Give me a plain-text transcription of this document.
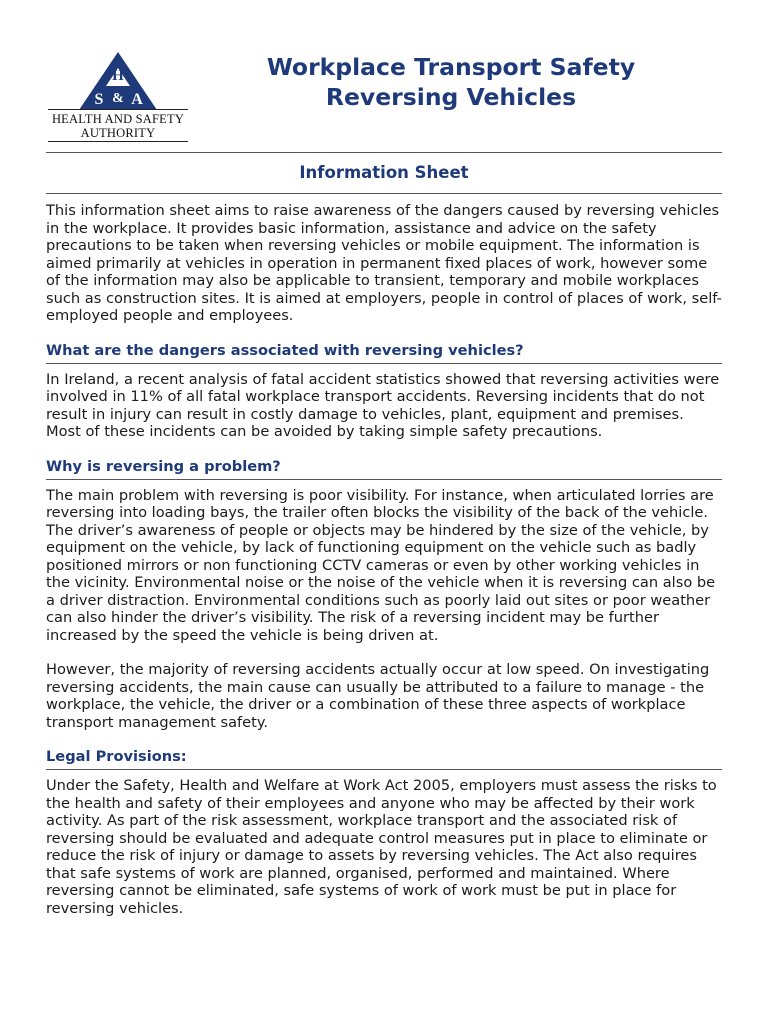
H
S & A
HEALTH AND SAFETY
AUTHORITY
Workplace Transport Safety
Reversing Vehicles
Information Sheet

This information sheet aims to raise awareness of the dangers caused by reversing vehicles in the workplace. It provides basic information, assistance and advice on the safety precautions to be taken when reversing vehicles or mobile equipment. The information is aimed primarily at vehicles in operation in permanent fixed places of work, however some of the information may also be applicable to transient, temporary and mobile workplaces such as construction sites. It is aimed at employers, people in control of places of work, self-employed people and employees.

What are the dangers associated with reversing vehicles?

In Ireland, a recent analysis of fatal accident statistics showed that reversing activities were involved in 11% of all fatal workplace transport accidents. Reversing incidents that do not result in injury can result in costly damage to vehicles, plant, equipment and premises. Most of these incidents can be avoided by taking simple safety precautions.

Why is reversing a problem?

The main problem with reversing is poor visibility. For instance, when articulated lorries are reversing into loading bays, the trailer often blocks the visibility of the back of the vehicle. The driver’s awareness of people or objects may be hindered by the size of the vehicle, by equipment on the vehicle, by lack of functioning equipment on the vehicle such as badly positioned mirrors or non functioning CCTV cameras or even by other working vehicles in the vicinity. Environmental noise or the noise of the vehicle when it is reversing can also be a driver distraction. Environmental conditions such as poorly laid out sites or poor weather can also hinder the driver’s visibility. The risk of a reversing incident may be further increased by the speed the vehicle is being driven at.

However, the majority of reversing accidents actually occur at low speed. On investigating reversing accidents, the main cause can usually be attributed to a failure to manage - the workplace, the vehicle, the driver or a combination of these three aspects of workplace transport management safety.

Legal Provisions:

Under the Safety, Health and Welfare at Work Act 2005, employers must assess the risks to the health and safety of their employees and anyone who may be affected by their work activity. As part of the risk assessment, workplace transport and the associated risk of reversing should be evaluated and adequate control measures put in place to eliminate or reduce the risk of injury or damage to assets by reversing vehicles. The Act also requires that safe systems of work are planned, organised, performed and maintained. Where reversing cannot be eliminated, safe systems of work of work must be put in place for reversing vehicles.
